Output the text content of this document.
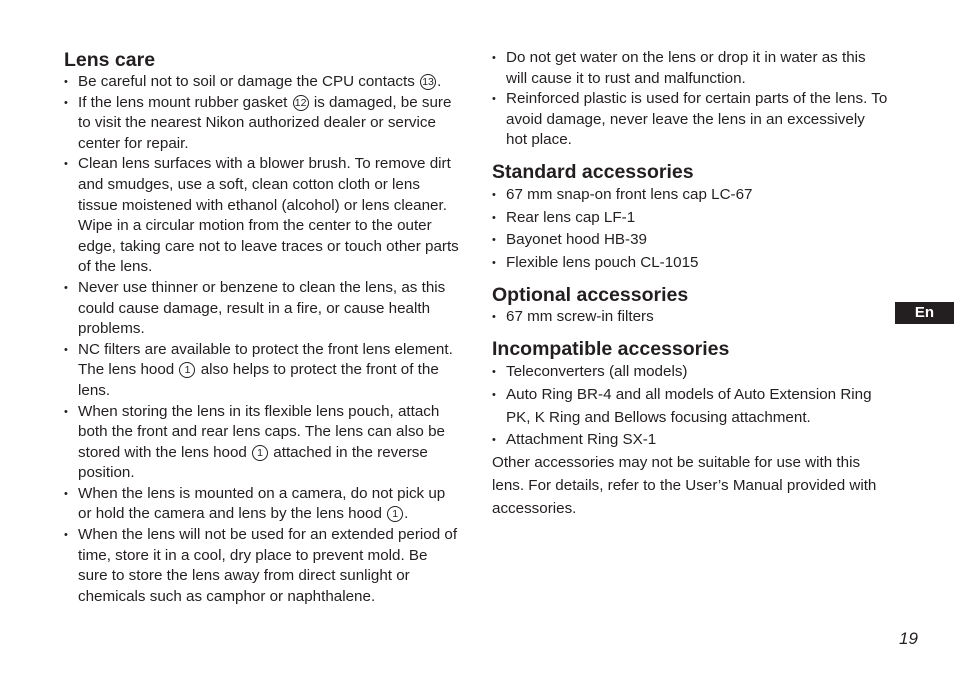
Lens care
• Be careful not to soil or damage the CPU contacts 13 .
• If the lens mount rubber gasket 12 is damaged, be sure to visit the nearest Nikon authorized dealer or service center for repair.
• Clean lens surfaces with a blower brush. To remove dirt and smudges, use a soft, clean cotton cloth or lens tissue moistened with ethanol (alcohol) or lens cleaner. Wipe in a circular motion from the center to the outer edge, taking care not to leave traces or touch other parts of the lens.
• Never use thinner or benzene to clean the lens, as this could cause damage, result in a fire, or cause health problems.
• NC filters are available to protect the front lens element. The lens hood 1 also helps to protect the front of the lens.
• When storing the lens in its flexible lens pouch, attach both the front and rear lens caps. The lens can also be stored with the lens hood 1 attached in the reverse position.
• When the lens is mounted on a camera, do not pick up or hold the camera and lens by the lens hood 1 .
• When the lens will not be used for an extended period of time, store it in a cool, dry place to prevent mold. Be sure to store the lens away from direct sunlight or chemicals such as camphor or naphthalene.
• Do not get water on the lens or drop it in water as this will cause it to rust and malfunction.
• Reinforced plastic is used for certain parts of the lens. To avoid damage, never leave the lens in an excessively hot place.
Standard accessories
• 67 mm snap-on front lens cap LC-67
• Rear lens cap LF-1
• Bayonet hood HB-39
• Flexible lens pouch CL-1015
Optional accessories
• 67 mm screw-in filters
Incompatible accessories
• Teleconverters (all models)
• Auto Ring BR-4 and all models of Auto Extension Ring PK, K Ring and Bellows focusing attachment.
• Attachment Ring SX-1

Other accessories may not be suitable for use with this lens. For details, refer to the User’s Manual provided with accessories.

En
19
